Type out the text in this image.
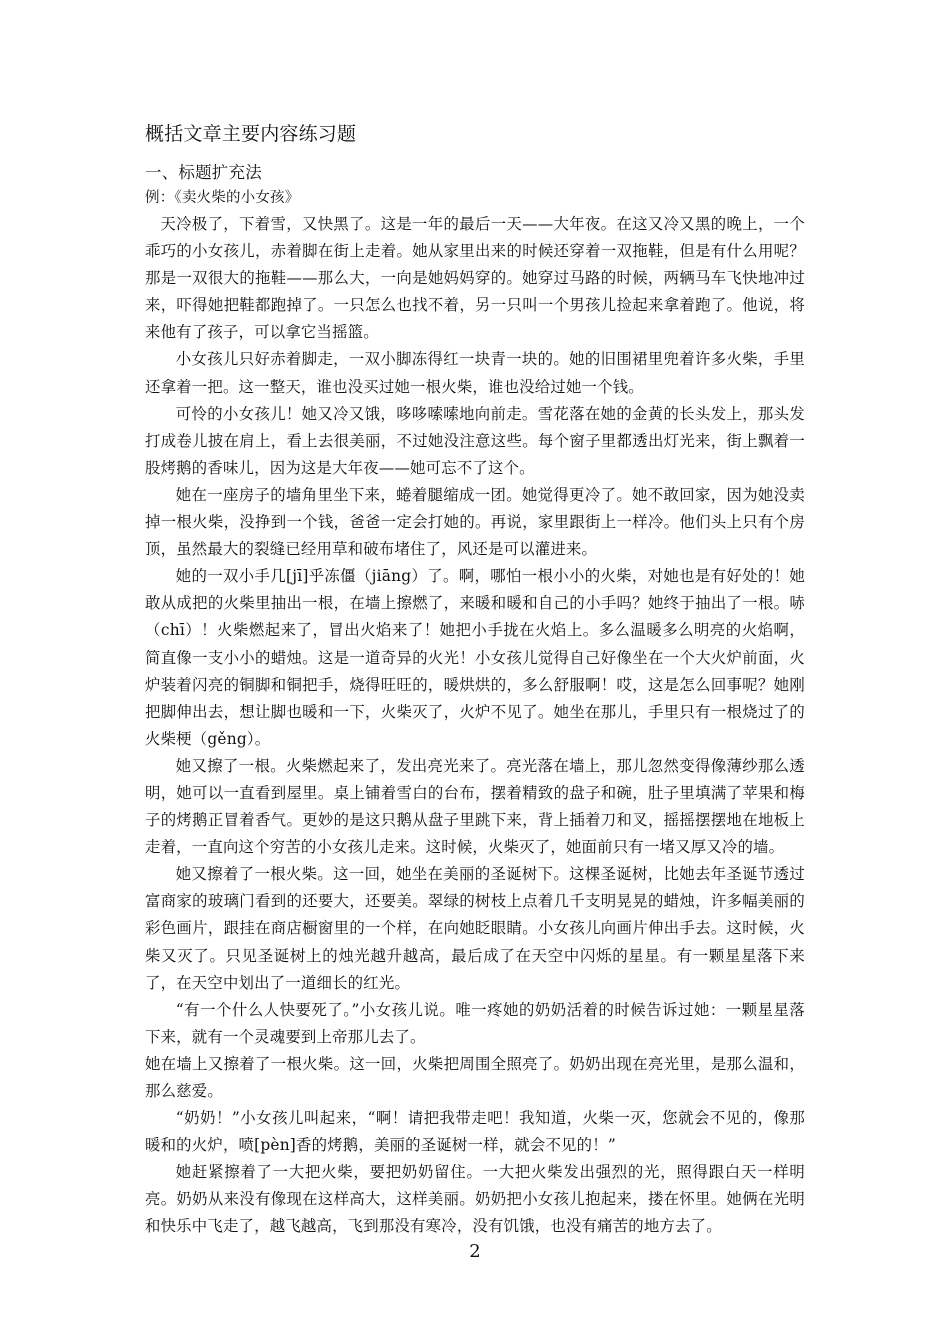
概括文章主要内容练习题
一、标题扩充法

例：《卖火柴的小女孩》

天冷极了，下着雪，又快黑了。这是一年的最后一天——大年夜。在这又冷又黑的晚上，一个乖巧的小女孩儿，赤着脚在街上走着。她从家里出来的时候还穿着一双拖鞋，但是有什么用呢？那是一双很大的拖鞋——那么大，一向是她妈妈穿的。她穿过马路的时候，两辆马车飞快地冲过来，吓得她把鞋都跑掉了。一只怎么也找不着，另一只叫一个男孩儿捡起来拿着跑了。他说，将来他有了孩子，可以拿它当摇篮。

小女孩儿只好赤着脚走，一双小脚冻得红一块青一块的。她的旧围裙里兜着许多火柴，手里还拿着一把。这一整天，谁也没买过她一根火柴，谁也没给过她一个钱。

可怜的小女孩儿！她又冷又饿，哆哆嗦嗦地向前走。雪花落在她的金黄的长头发上，那头发打成卷儿披在肩上，看上去很美丽，不过她没注意这些。每个窗子里都透出灯光来，街上飘着一股烤鹅的香味儿，因为这是大年夜——她可忘不了这个。

她在一座房子的墙角里坐下来，蜷着腿缩成一团。她觉得更冷了。她不敢回家，因为她没卖掉一根火柴，没挣到一个钱，爸爸一定会打她的。再说，家里跟街上一样冷。他们头上只有个房顶，虽然最大的裂缝已经用草和破布堵住了，风还是可以灌进来。

她的一双小手几[jī]乎冻僵（jiāng）了。啊，哪怕一根小小的火柴，对她也是有好处的！她敢从成把的火柴里抽出一根，在墙上擦燃了，来暖和暖和自己的小手吗？她终于抽出了一根。哧（chī）！火柴燃起来了，冒出火焰来了！她把小手拢在火焰上。多么温暖多么明亮的火焰啊，简直像一支小小的蜡烛。这是一道奇异的火光！小女孩儿觉得自己好像坐在一个大火炉前面，火炉装着闪亮的铜脚和铜把手，烧得旺旺的，暖烘烘的，多么舒服啊！哎，这是怎么回事呢？她刚把脚伸出去，想让脚也暖和一下，火柴灭了，火炉不见了。她坐在那儿，手里只有一根烧过了的火柴梗（gěng）。

她又擦了一根。火柴燃起来了，发出亮光来了。亮光落在墙上，那儿忽然变得像薄纱那么透明，她可以一直看到屋里。桌上铺着雪白的台布，摆着精致的盘子和碗，肚子里填满了苹果和梅子的烤鹅正冒着香气。更妙的是这只鹅从盘子里跳下来，背上插着刀和叉，摇摇摆摆地在地板上走着，一直向这个穷苦的小女孩儿走来。这时候，火柴灭了，她面前只有一堵又厚又冷的墙。

她又擦着了一根火柴。这一回，她坐在美丽的圣诞树下。这棵圣诞树，比她去年圣诞节透过富商家的玻璃门看到的还要大，还要美。翠绿的树枝上点着几千支明晃晃的蜡烛，许多幅美丽的彩色画片，跟挂在商店橱窗里的一个样，在向她眨眼睛。小女孩儿向画片伸出手去。这时候，火柴又灭了。只见圣诞树上的烛光越升越高，最后成了在天空中闪烁的星星。有一颗星星落下来了，在天空中划出了一道细长的红光。

“有一个什么人快要死了。”小女孩儿说。唯一疼她的奶奶活着的时候告诉过她：一颗星星落下来，就有一个灵魂要到上帝那儿去了。

她在墙上又擦着了一根火柴。这一回，火柴把周围全照亮了。奶奶出现在亮光里，是那么温和，那么慈爱。

“奶奶！”小女孩儿叫起来，“啊！请把我带走吧！我知道，火柴一灭，您就会不见的，像那暖和的火炉，喷[pèn]香的烤鹅，美丽的圣诞树一样，就会不见的！”

她赶紧擦着了一大把火柴，要把奶奶留住。一大把火柴发出强烈的光，照得跟白天一样明亮。奶奶从来没有像现在这样高大，这样美丽。奶奶把小女孩儿抱起来，搂在怀里。她俩在光明和快乐中飞走了，越飞越高，飞到那没有寒冷，没有饥饿，也没有痛苦的地方去了。

2
